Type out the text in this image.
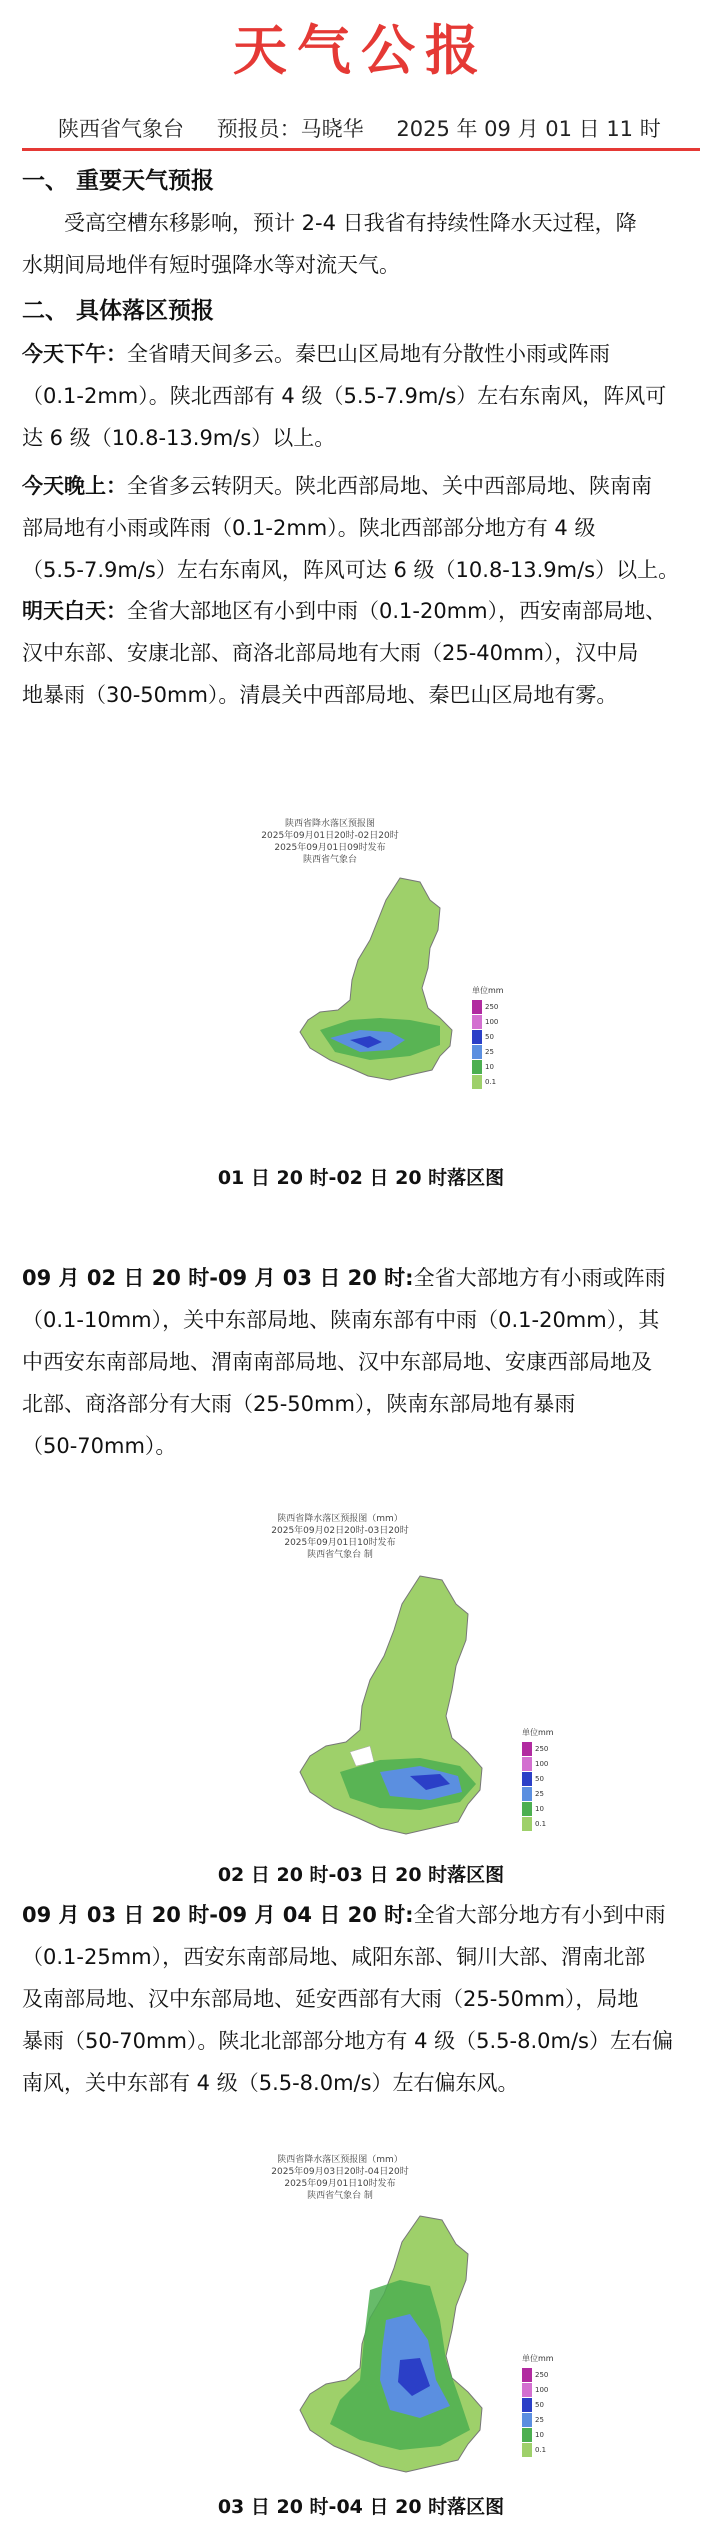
天气公报
陕西省气象台 预报员：马晓华 2025 年 09 月 01 日 11 时
一、 重要天气预报
受高空槽东移影响，预计 2-4 日我省有持续性降水天过程，降
水期间局地伴有短时强降水等对流天气。
二、 具体落区预报
今天下午：全省晴天间多云。秦巴山区局地有分散性小雨或阵雨
（0.1-2mm）。陕北西部有 4 级（5.5-7.9m/s）左右东南风，阵风可
达 6 级（10.8-13.9m/s）以上。
今天晚上：全省多云转阴天。陕北西部局地、关中西部局地、陕南南
部局地有小雨或阵雨（0.1-2mm）。陕北西部部分地方有 4 级
（5.5-7.9m/s）左右东南风，阵风可达 6 级（10.8-13.9m/s）以上。
明天白天：全省大部地区有小到中雨（0.1-20mm），西安南部局地、
汉中东部、安康北部、商洛北部局地有大雨（25-40mm），汉中局
地暴雨（30-50mm）。清晨关中西部局地、秦巴山区局地有雾。
陕西省降水落区预报图
2025年09月01日20时-02日20时
2025年09月01日09时发布
陕西省气象台
单位mm
250
100
50
25
10
0.1
01 日 20 时-02 日 20 时落区图
09 月 02 日 20 时-09 月 03 日 20 时:全省大部地方有小雨或阵雨
（0.1-10mm），关中东部局地、陕南东部有中雨（0.1-20mm），其
中西安东南部局地、渭南南部局地、汉中东部局地、安康西部局地及
北部、商洛部分有大雨（25-50mm），陕南东部局地有暴雨
（50-70mm）。
陕西省降水落区预报图（mm）
2025年09月02日20时-03日20时
2025年09月01日10时发布
陕西省气象台 制
单位mm
250
100
50
25
10
0.1
02 日 20 时-03 日 20 时落区图
09 月 03 日 20 时-09 月 04 日 20 时:全省大部分地方有小到中雨
（0.1-25mm），西安东南部局地、咸阳东部、铜川大部、渭南北部
及南部局地、汉中东部局地、延安西部有大雨（25-50mm），局地
暴雨（50-70mm）。陕北北部部分地方有 4 级（5.5-8.0m/s）左右偏
南风，关中东部有 4 级（5.5-8.0m/s）左右偏东风。
陕西省降水落区预报图（mm）
2025年09月03日20时-04日20时
2025年09月01日10时发布
陕西省气象台 制
单位mm
250
100
50
25
10
0.1
03 日 20 时-04 日 20 时落区图
